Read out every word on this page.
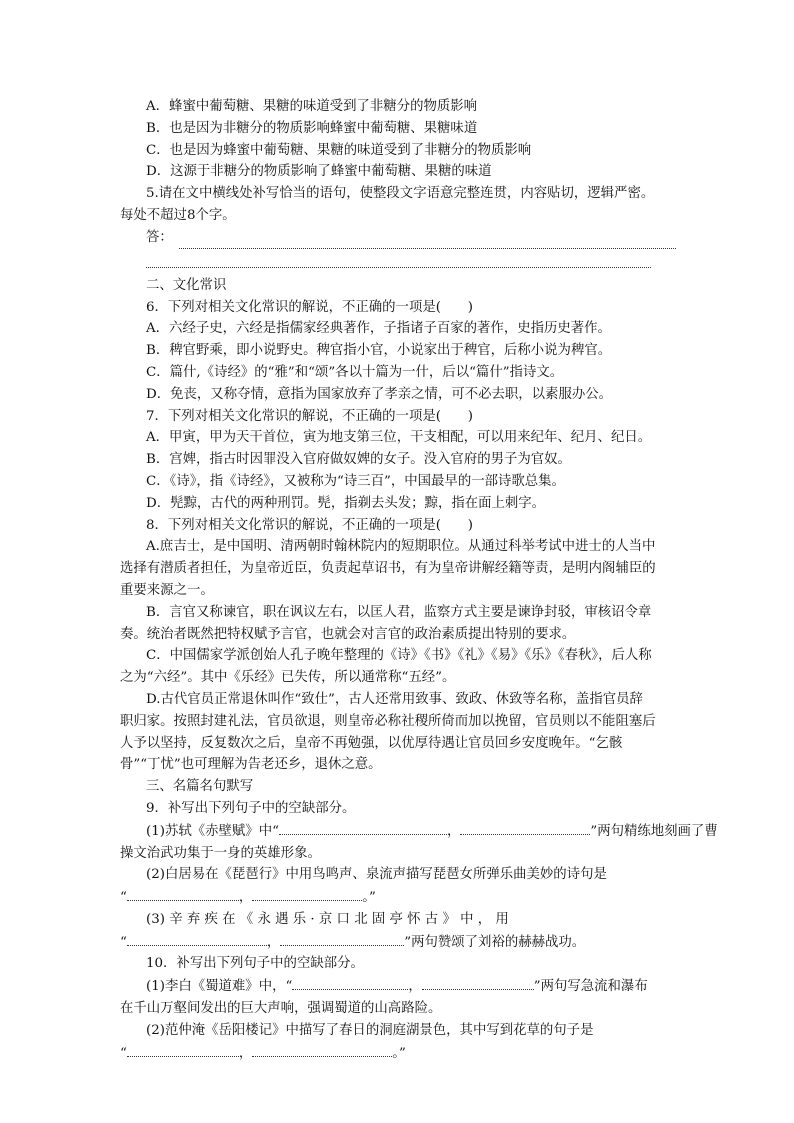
A．蜂蜜中葡萄糖、果糖的味道受到了非糖分的物质影响
B．也是因为非糖分的物质影响蜂蜜中葡萄糖、果糖味道
C．也是因为蜂蜜中葡萄糖、果糖的味道受到了非糖分的物质影响
D．这源于非糖分的物质影响了蜂蜜中葡萄糖、果糖的味道
5.请在文中横线处补写恰当的语句，使整段文字语意完整连贯，内容贴切，逻辑严密。
每处不超过8个字。
答：
二、文化常识
6．下列对相关文化常识的解说，不正确的一项是(　　)
A．六经子史，六经是指儒家经典著作，子指诸子百家的著作，史指历史著作。
B．稗官野乘，即小说野史。稗官指小官，小说家出于稗官，后称小说为稗官。
C．篇什,《诗经》的“雅”和“颂”各以十篇为一什，后以“篇什”指诗文。
D．免丧，又称夺情，意指为国家放弃了孝亲之情，可不必去职，以素服办公。
7．下列对相关文化常识的解说，不正确的一项是(　　)
A．甲寅，甲为天干首位，寅为地支第三位，干支相配，可以用来纪年、纪月、纪日。
B．宫婢，指古时因罪没入官府做奴婢的女子。没入官府的男子为官奴。
C．《诗》，指《诗经》，又被称为“诗三百”，中国最早的一部诗歌总集。
D．髡黥，古代的两种刑罚。髡，指剃去头发；黥，指在面上刺字。
8．下列对相关文化常识的解说，不正确的一项是(　　)
A.庶吉士，是中国明、清两朝时翰林院内的短期职位。从通过科举考试中进士的人当中
选择有潜质者担任，为皇帝近臣，负责起草诏书，有为皇帝讲解经籍等责，是明内阁辅臣的
重要来源之一。
B．言官又称谏官，职在讽议左右，以匡人君，监察方式主要是谏诤封驳，审核诏令章
奏。统治者既然把特权赋予言官，也就会对言官的政治素质提出特别的要求。
C．中国儒家学派创始人孔子晚年整理的《诗》《书》《礼》《易》《乐》《春秋》，后人称
之为“六经”。其中《乐经》已失传，所以通常称“五经”。
D.古代官员正常退休叫作“致仕”，古人还常用致事、致政、休致等名称，盖指官员辞
职归家。按照封建礼法，官员欲退，则皇帝必称社稷所倚而加以挽留，官员则以不能阻塞后
人予以坚持，反复数次之后，皇帝不再勉强，以优厚待遇让官员回乡安度晚年。“乞骸
骨”“丁忧”也可理解为告老还乡，退休之意。
三、名篇名句默写
9．补写出下列句子中的空缺部分。
(1)苏轼《赤壁赋》中“	，	”两句精练地刻画了曹
操文治武功集于一身的英雄形象。
(2)白居易在《琵琶行》中用鸟鸣声、泉流声描写琵琶女所弹乐曲美妙的诗句是
“	，	。”
(3) 辛 弃 疾 在 《 永 遇 乐 · 京 口 北 固 亭 怀 古 》 中 ， 用
“	，	”两句赞颂了刘裕的赫赫战功。
10．补写出下列句子中的空缺部分。
(1)李白《蜀道难》中，“	，	”两句写急流和瀑布
在千山万壑间发出的巨大声响，强调蜀道的山高路险。
(2)范仲淹《岳阳楼记》中描写了春日的洞庭湖景色，其中写到花草的句子是
“	，	。”
